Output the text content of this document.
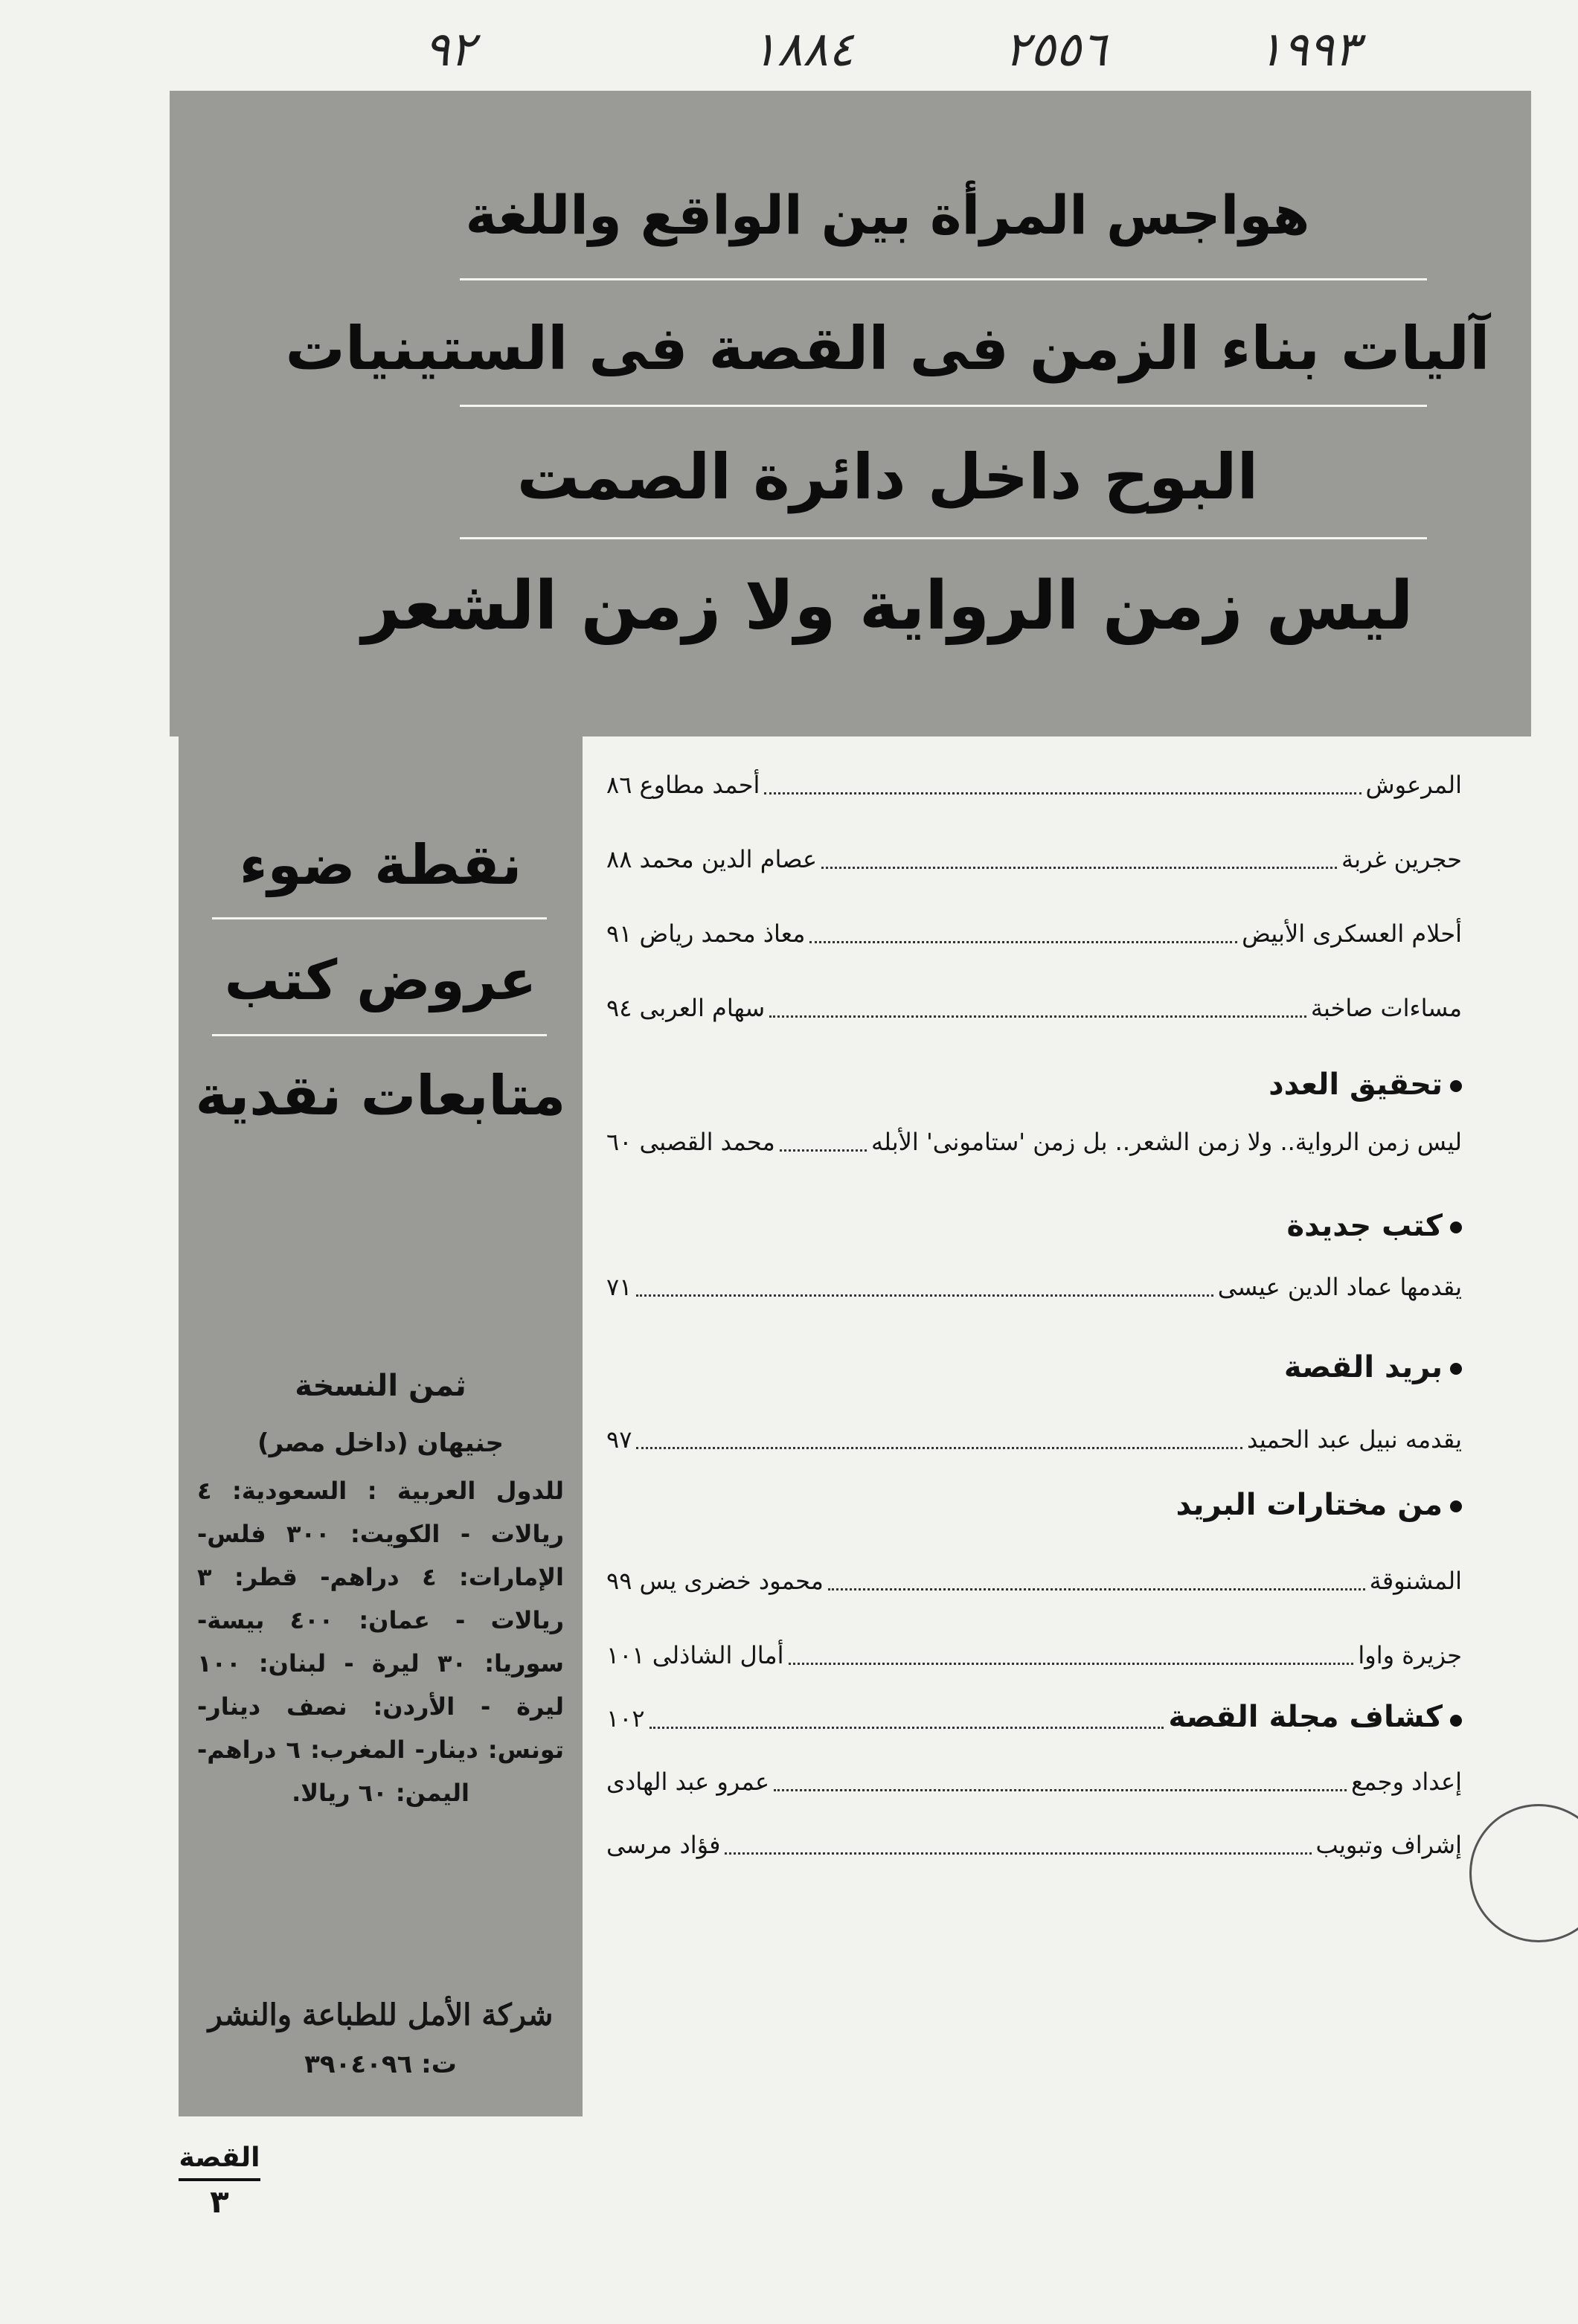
١٩٩٣
٢٥٥٦
١٨٨٤
٩٢
هواجس المرأة بين الواقع واللغة
آليات بناء الزمن فى القصة فى الستينيات
البوح داخل دائرة الصمت
ليس زمن الرواية ولا زمن الشعر
نقطة ضوء
عروض كتب
متابعات نقدية
ثمن النسخة
جنيهان (داخل مصر)
للدول العربية : السعودية: ٤ ريالات - الكويت: ٣٠٠ فلس- الإمارات: ٤ دراهم- قطر: ٣ ريالات - عمان: ٤٠٠ بيسة- سوريا: ٣٠ ليرة - لبنان: ١٠٠ ليرة - الأردن: نصف دينار- تونس: دينار- المغرب: ٦ دراهم- اليمن: ٦٠ ريالا.
شركة الأمل للطباعة والنشر
ت: ٣٩٠٤٠٩٦
المرعوش
أحمد مطاوع

٨٦
حجرين غربة
عصام الدين محمد

٨٨
أحلام العسكرى الأبيض
معاذ محمد رياض

٩١
مساءات صاخبة
سهام العربى

٩٤
تحقيق العدد
ليس زمن الرواية.. ولا زمن الشعر.. بل زمن 'ستامونى' الأبله
محمد القصبى

٦٠
كتب جديدة
يقدمها عماد الدين عيسى
٧١
بريد القصة
يقدمه نبيل عبد الحميد
٩٧
من مختارات البريد
المشنوقة
محمود خضرى يس

٩٩
جزيرة واوا
أمال الشاذلى

١٠١
كشاف مجلة القصة
١٠٢
إعداد وجمع
عمرو عبد الهادى
إشراف وتبويب
فؤاد مرسى
القصة
٣
